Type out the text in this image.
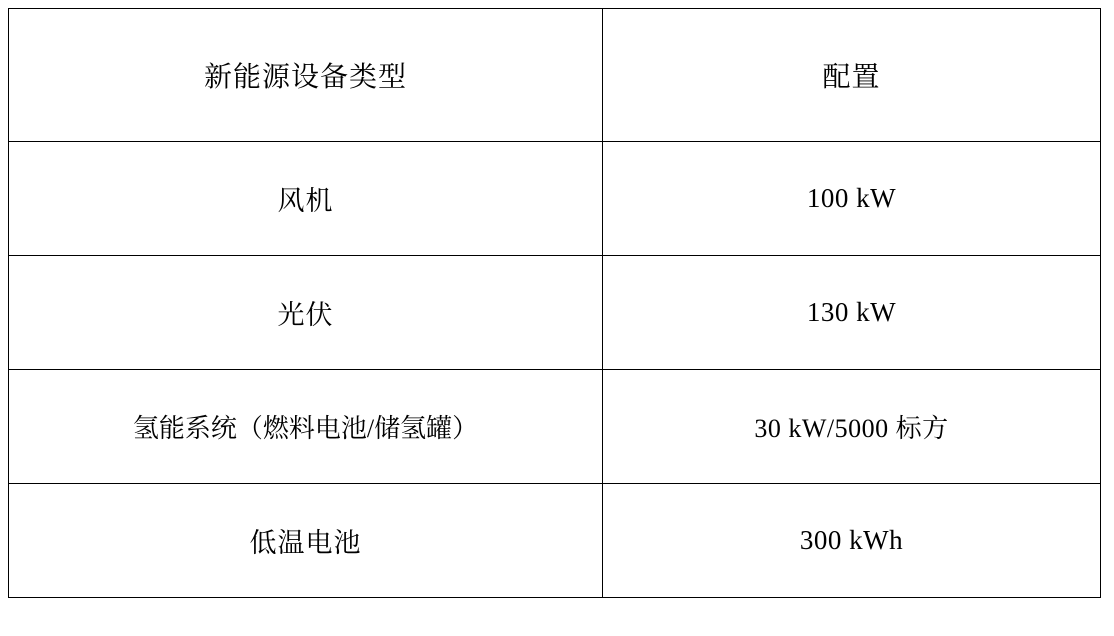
新能源设备类型	配置
风机	100 kW
光伏	130 kW
氢能系统（燃料电池/储氢罐）	30 kW/5000 标方
低温电池	300 kWh
